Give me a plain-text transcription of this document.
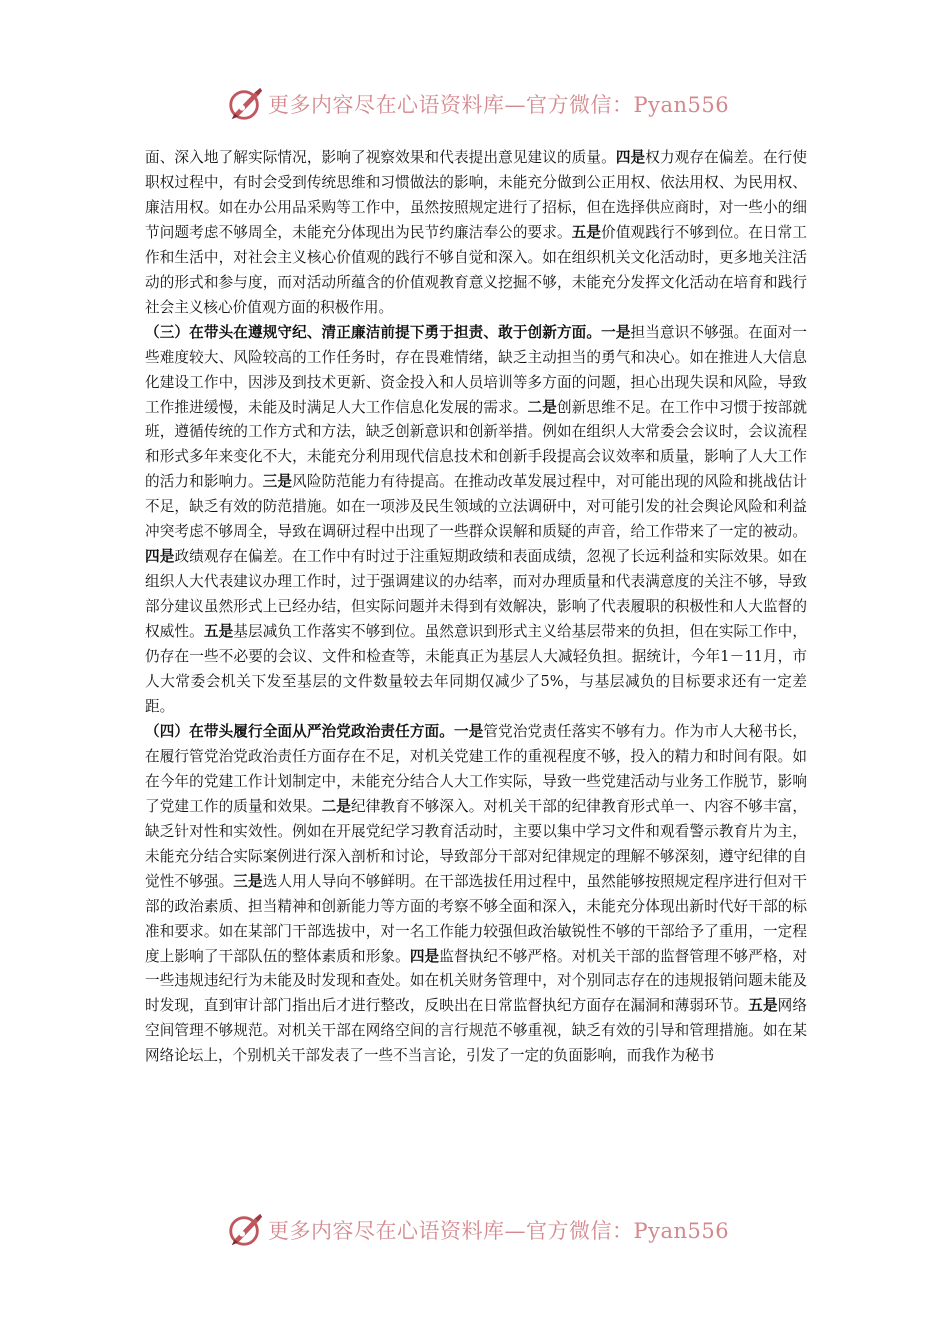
更多内容尽在心语资料库—官方微信：Pyan556

面、深入地了解实际情况，影响了视察效果和代表提出意见建议的质量。四是权力观存在偏差。在行使职权过程中，有时会受到传统思维和习惯做法的影响，未能充分做到公正用权、依法用权、为民用权、廉洁用权。如在办公用品采购等工作中，虽然按照规定进行了招标，但在选择供应商时，对一些小的细节问题考虑不够周全，未能充分体现出为民节约廉洁奉公的要求。五是价值观践行不够到位。在日常工作和生活中，对社会主义核心价值观的践行不够自觉和深入。如在组织机关文化活动时，更多地关注活动的形式和参与度，而对活动所蕴含的价值观教育意义挖掘不够，未能充分发挥文化活动在培育和践行社会主义核心价值观方面的积极作用。

（三）在带头在遵规守纪、清正廉洁前提下勇于担责、敢于创新方面。一是担当意识不够强。在面对一些难度较大、风险较高的工作任务时，存在畏难情绪，缺乏主动担当的勇气和决心。如在推进人大信息化建设工作中，因涉及到技术更新、资金投入和人员培训等多方面的问题，担心出现失误和风险，导致工作推进缓慢，未能及时满足人大工作信息化发展的需求。二是创新思维不足。在工作中习惯于按部就班，遵循传统的工作方式和方法，缺乏创新意识和创新举措。例如在组织人大常委会会议时，会议流程和形式多年来变化不大，未能充分利用现代信息技术和创新手段提高会议效率和质量，影响了人大工作的活力和影响力。三是风险防范能力有待提高。在推动改革发展过程中，对可能出现的风险和挑战估计不足，缺乏有效的防范措施。如在一项涉及民生领域的立法调研中，对可能引发的社会舆论风险和利益冲突考虑不够周全，导致在调研过程中出现了一些群众误解和质疑的声音，给工作带来了一定的被动。四是政绩观存在偏差。在工作中有时过于注重短期政绩和表面成绩，忽视了长远利益和实际效果。如在组织人大代表建议办理工作时，过于强调建议的办结率，而对办理质量和代表满意度的关注不够，导致部分建议虽然形式上已经办结，但实际问题并未得到有效解决，影响了代表履职的积极性和人大监督的权威性。五是基层减负工作落实不够到位。虽然意识到形式主义给基层带来的负担，但在实际工作中，仍存在一些不必要的会议、文件和检查等，未能真正为基层人大减轻负担。据统计，今年1－11月，市人大常委会机关下发至基层的文件数量较去年同期仅减少了5%，与基层减负的目标要求还有一定差距。

（四）在带头履行全面从严治党政治责任方面。一是管党治党责任落实不够有力。作为市人大秘书长，在履行管党治党政治责任方面存在不足，对机关党建工作的重视程度不够，投入的精力和时间有限。如在今年的党建工作计划制定中，未能充分结合人大工作实际，导致一些党建活动与业务工作脱节，影响了党建工作的质量和效果。二是纪律教育不够深入。对机关干部的纪律教育形式单一、内容不够丰富，缺乏针对性和实效性。例如在开展党纪学习教育活动时，主要以集中学习文件和观看警示教育片为主，未能充分结合实际案例进行深入剖析和讨论，导致部分干部对纪律规定的理解不够深刻，遵守纪律的自觉性不够强。三是选人用人导向不够鲜明。在干部选拔任用过程中，虽然能够按照规定程序进行但对干部的政治素质、担当精神和创新能力等方面的考察不够全面和深入，未能充分体现出新时代好干部的标准和要求。如在某部门干部选拔中，对一名工作能力较强但政治敏锐性不够的干部给予了重用，一定程度上影响了干部队伍的整体素质和形象。四是监督执纪不够严格。对机关干部的监督管理不够严格，对一些违规违纪行为未能及时发现和查处。如在机关财务管理中，对个别同志存在的违规报销问题未能及时发现，直到审计部门指出后才进行整改，反映出在日常监督执纪方面存在漏洞和薄弱环节。五是网络空间管理不够规范。对机关干部在网络空间的言行规范不够重视，缺乏有效的引导和管理措施。如在某网络论坛上，个别机关干部发表了一些不当言论，引发了一定的负面影响，而我作为秘书

更多内容尽在心语资料库—官方微信：Pyan556
